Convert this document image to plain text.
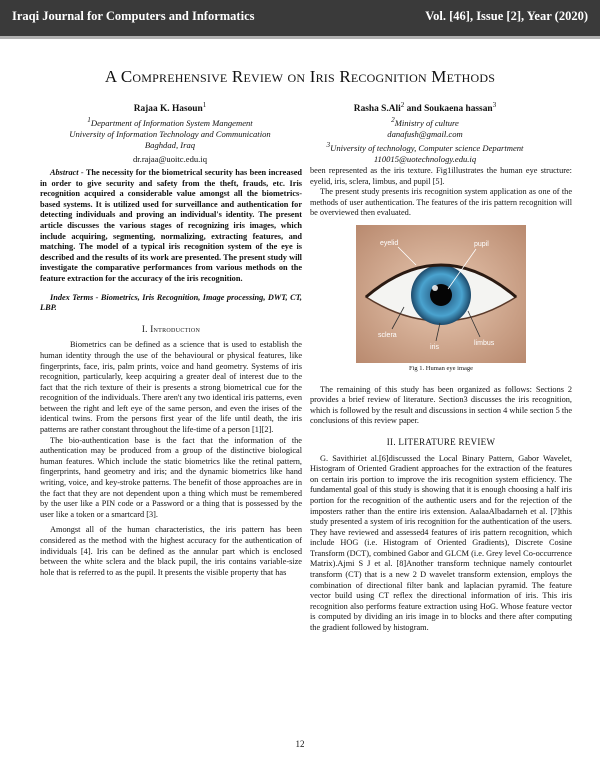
Iraqi Journal for Computers and Informatics	Vol. [46], Issue [2], Year (2020)
A Comprehensive Review on Iris Recognition Methods
Rajaa K. Hasoun$^1$
$^1$Department of Information System Mangement
University of Information Technology and Communication
Baghdad, Iraq
dr.rajaa@uoitc.edu.iq
Rasha S.Ali$^2$ and Soukaena hassan$^3$
$^2$Ministry of culture
danafush@gmail.com
$^3$University of technology, Computer science Department
110015@uotechnology.edu.iq

Abstract - The necessity for the biometrical security has been increased in order to give security and safety from the theft, frauds, etc. Iris recognition acquired a considerable value amongst all the biometrics-based systems. It is utilized used for surveillance and authentication for detecting individuals and proving an individual's identity. The present article discusses the various stages of recognizing iris images, which include acquiring, segmenting, normalizing, extracting features, and matching. The model of a typical iris recognition system of the eye is described and the results of its work are presented. The present study will investigate the comparative performances from various methods on the feature extraction for the accuracy of the iris recognition.

Index Terms - Biometrics, Iris Recognition, Image processing, DWT, CT, LBP.

I. Introduction

Biometrics can be defined as a science that is used to establish the human identity through the use of the behavioural or physical features, like fingerprints, face, iris, palm prints, voice and hand geometry. Systems of iris recognition, particularly, keep acquiring a greater deal of interest due to the fact that the rich texture of their is presents a strong biometrical cue for the recognition of the individuals. There aren't any two identical iris patterns, even between the right and left eye of the same person, and even the irises of the identical twins. From the persons first year of the life until death, the iris patterns are rather constant throughout the life-time of a person [1][2].

The bio-authentication base is the fact that the information of the authentication may be produced from a group of the distinctive biological human features. Which include the static biometrics like the retinal pattern, fingerprints, hand geometry and iris; and the dynamic biometrics like hand writing, voice, and key-stroke patterns. The benefit of those approaches are in the fact that they are not dependent upon a thing which must be remembered by the user like a PIN code or a Password or a thing that is possessed by the user like a token or a smartcard [3].

Amongst all of the human characteristics, the iris pattern has been considered as the method with the highest accuracy for the authentication of individuals [4]. Iris can be defined as the annular part which is enclosed between the white sclera and the black pupil, the iris contains variable-size hole that is referred to as the pupil. It presents the visible property that has

been represented as the iris texture. Fig1illustrates the human eye structure: eyelid, iris, sclera, limbus, and pupil [5].

The present study presents iris recognition system application as one of the methods of user authentication. The features of the iris pattern recognition will be overviewed then evaluated.

eyelid	pupil
sclera
iris
limbus
Fig 1. Human eye image

The remaining of this study has been organized as follows: Sections 2 provides a brief review of literature. Section3 discusses the iris recognition, which is followed by the result and discussions in section 4 while section 5 the conclusions of this review paper.

II. LITERATURE REVIEW

G. Savithiriet al.[6]discussed the Local Binary Pattern, Gabor Wavelet, Histogram of Oriented Gradient approaches for the extraction of the features on certain iris portion to improve the iris recognition system efficiency. The fundamental goal of this study is showing that it is enough choosing a half iris portion for the recognition of the authentic users and for the rejection of the imposters rather than the entire iris extension. AalaaAlbadarneh et al. [7]this study presented a system of iris recognition for the authentication of the users. They have reviewed and assessed4 features of iris pattern recognition, which include HOG (i.e. Histogram of Oriented Gradients), Discrete Cosine Transform (DCT), combined Gabor and GLCM (i.e. Grey level Co-occurrence Matrix).Ajmi S J et al. [8]Another transform technique namely contourlet transform (CT) that is a new 2 D wavelet transform extension, employs the combination of directional filter bank and laplacian pyramid. The feature vector build using CT reflex the directional information of iris. This iris recognition also performs feature extraction using HoG. Whose feature vector is computed by dividing an iris image in to blocks and there after computing the gradient followed by histogram.

12
